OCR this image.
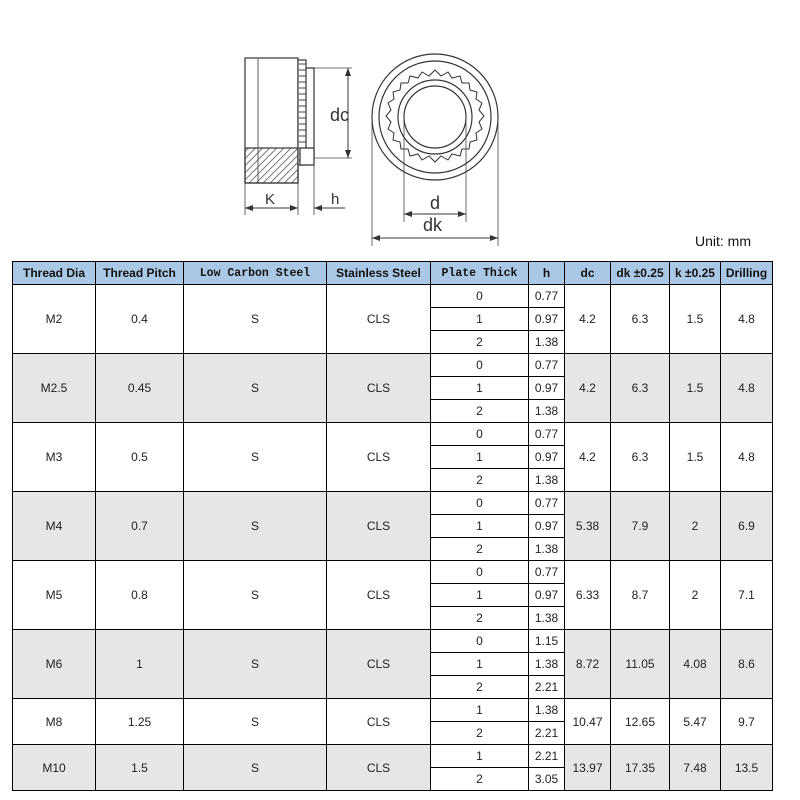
dc
K	h	d
dk
Unit: mm
Thread Dia	Thread Pitch	Low Carbon Steel	Stainless Steel	Plate Thick	h	dc	dk ±0.25	k ±0.25	Drilling
M2	0.4	S	CLS	0	0.77	4.2	6.3	1.5	4.8
				1	0.97				
				2	1.38				
M2.5	0.45	S	CLS	0	0.77	4.2	6.3	1.5	4.8
				1	0.97				
				2	1.38				
M3	0.5	S	CLS	0	0.77	4.2	6.3	1.5	4.8
				1	0.97				
				2	1.38				
M4	0.7	S	CLS	0	0.77	5.38	7.9	2	6.9
				1	0.97				
				2	1.38				
M5	0.8	S	CLS	0	0.77	6.33	8.7	2	7.1
				1	0.97				
				2	1.38				
M6	1	S	CLS	0	1.15	8.72	11.05	4.08	8.6
				1	1.38				
				2	2.21				
M8	1.25	S	CLS	1	1.38	10.47	12.65	5.47	9.7
				2	2.21				
M10	1.5	S	CLS	1	2.21	13.97	17.35	7.48	13.5
				2	3.05				
